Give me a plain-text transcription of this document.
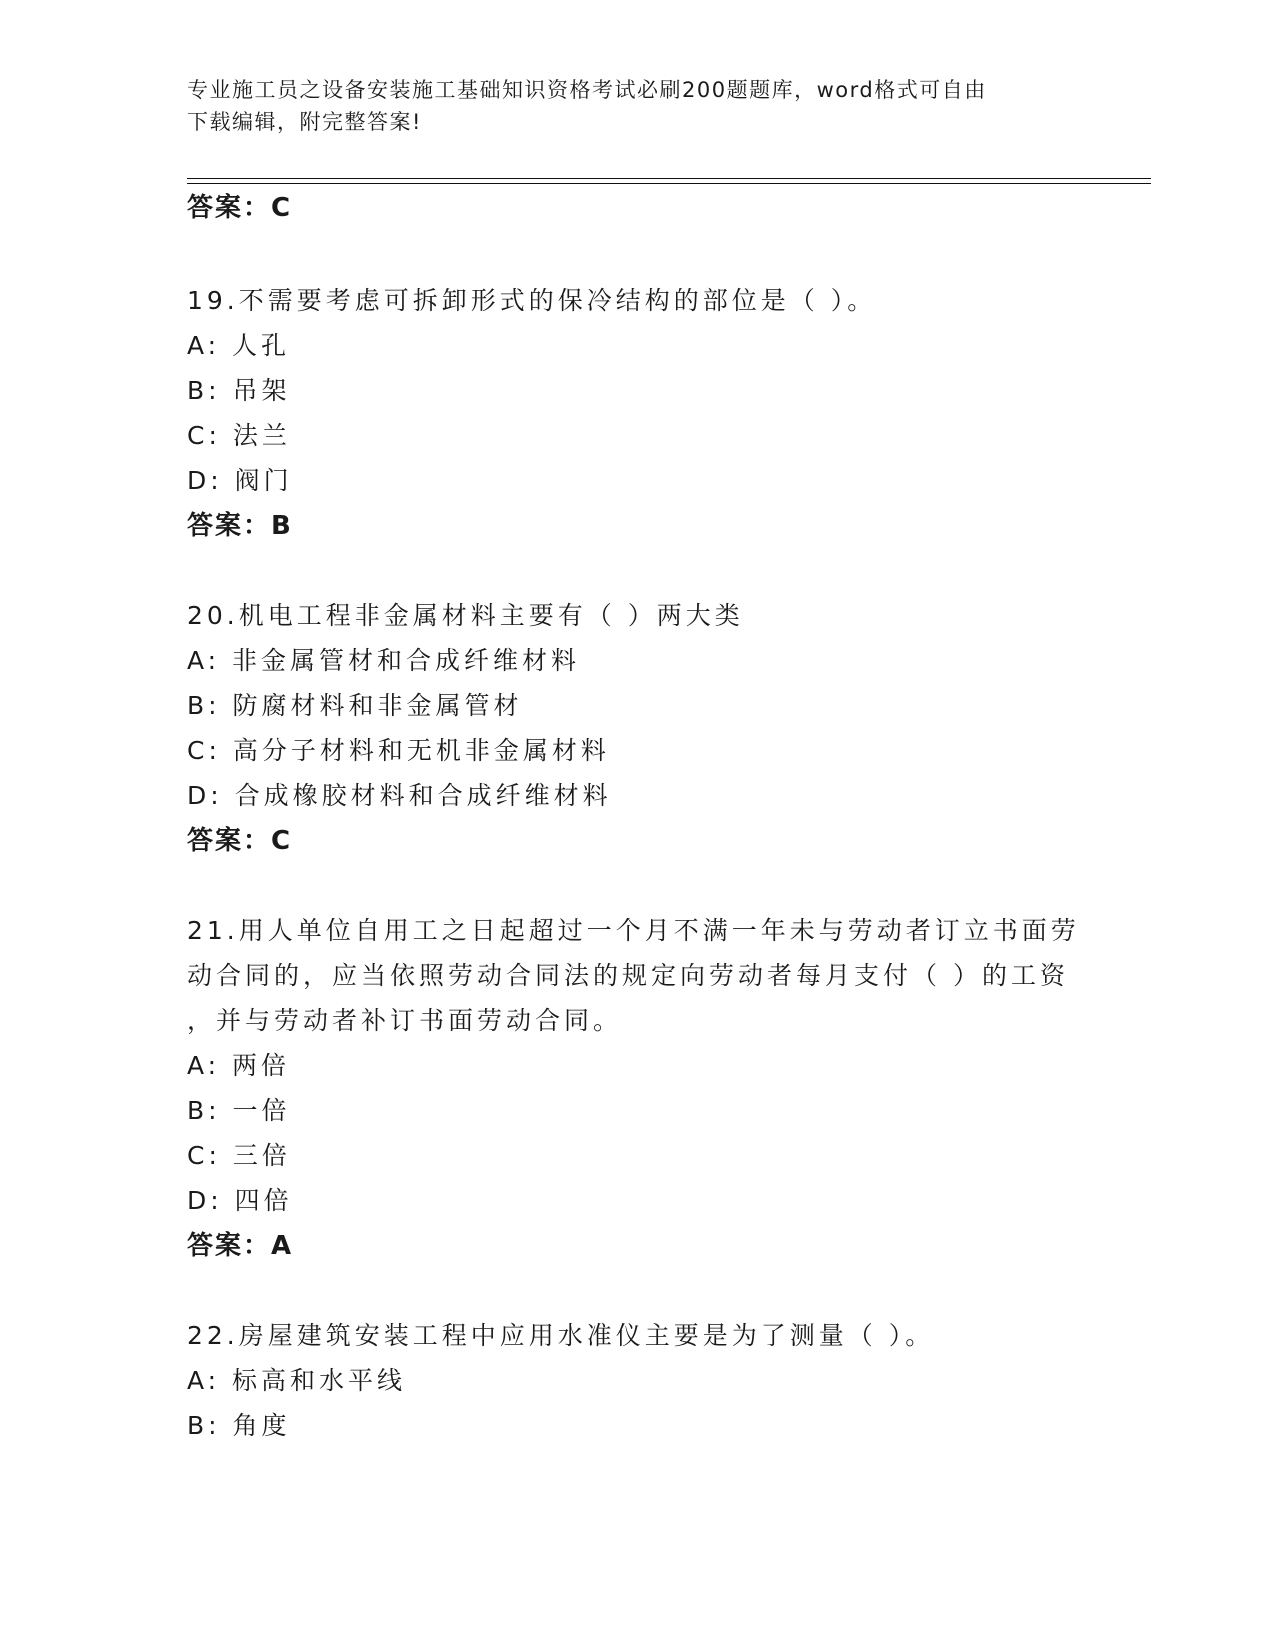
专业施工员之设备安装施工基础知识资格考试必刷200题题库，word格式可自由
下载编辑，附完整答案!
答案：C
19.不需要考虑可拆卸形式的保冷结构的部位是（ ）。
A: 人孔
B: 吊架
C: 法兰
D: 阀门
答案：B
20.机电工程非金属材料主要有（ ）两大类
A: 非金属管材和合成纤维材料
B: 防腐材料和非金属管材
C: 高分子材料和无机非金属材料
D: 合成橡胶材料和合成纤维材料
答案：C
21.用人单位自用工之日起超过一个月不满一年未与劳动者订立书面劳
动合同的，应当依照劳动合同法的规定向劳动者每月支付（ ）的工资
，并与劳动者补订书面劳动合同。
A: 两倍
B: 一倍
C: 三倍
D: 四倍
答案：A
22.房屋建筑安装工程中应用水准仪主要是为了测量（ ）。
A: 标高和水平线
B: 角度
